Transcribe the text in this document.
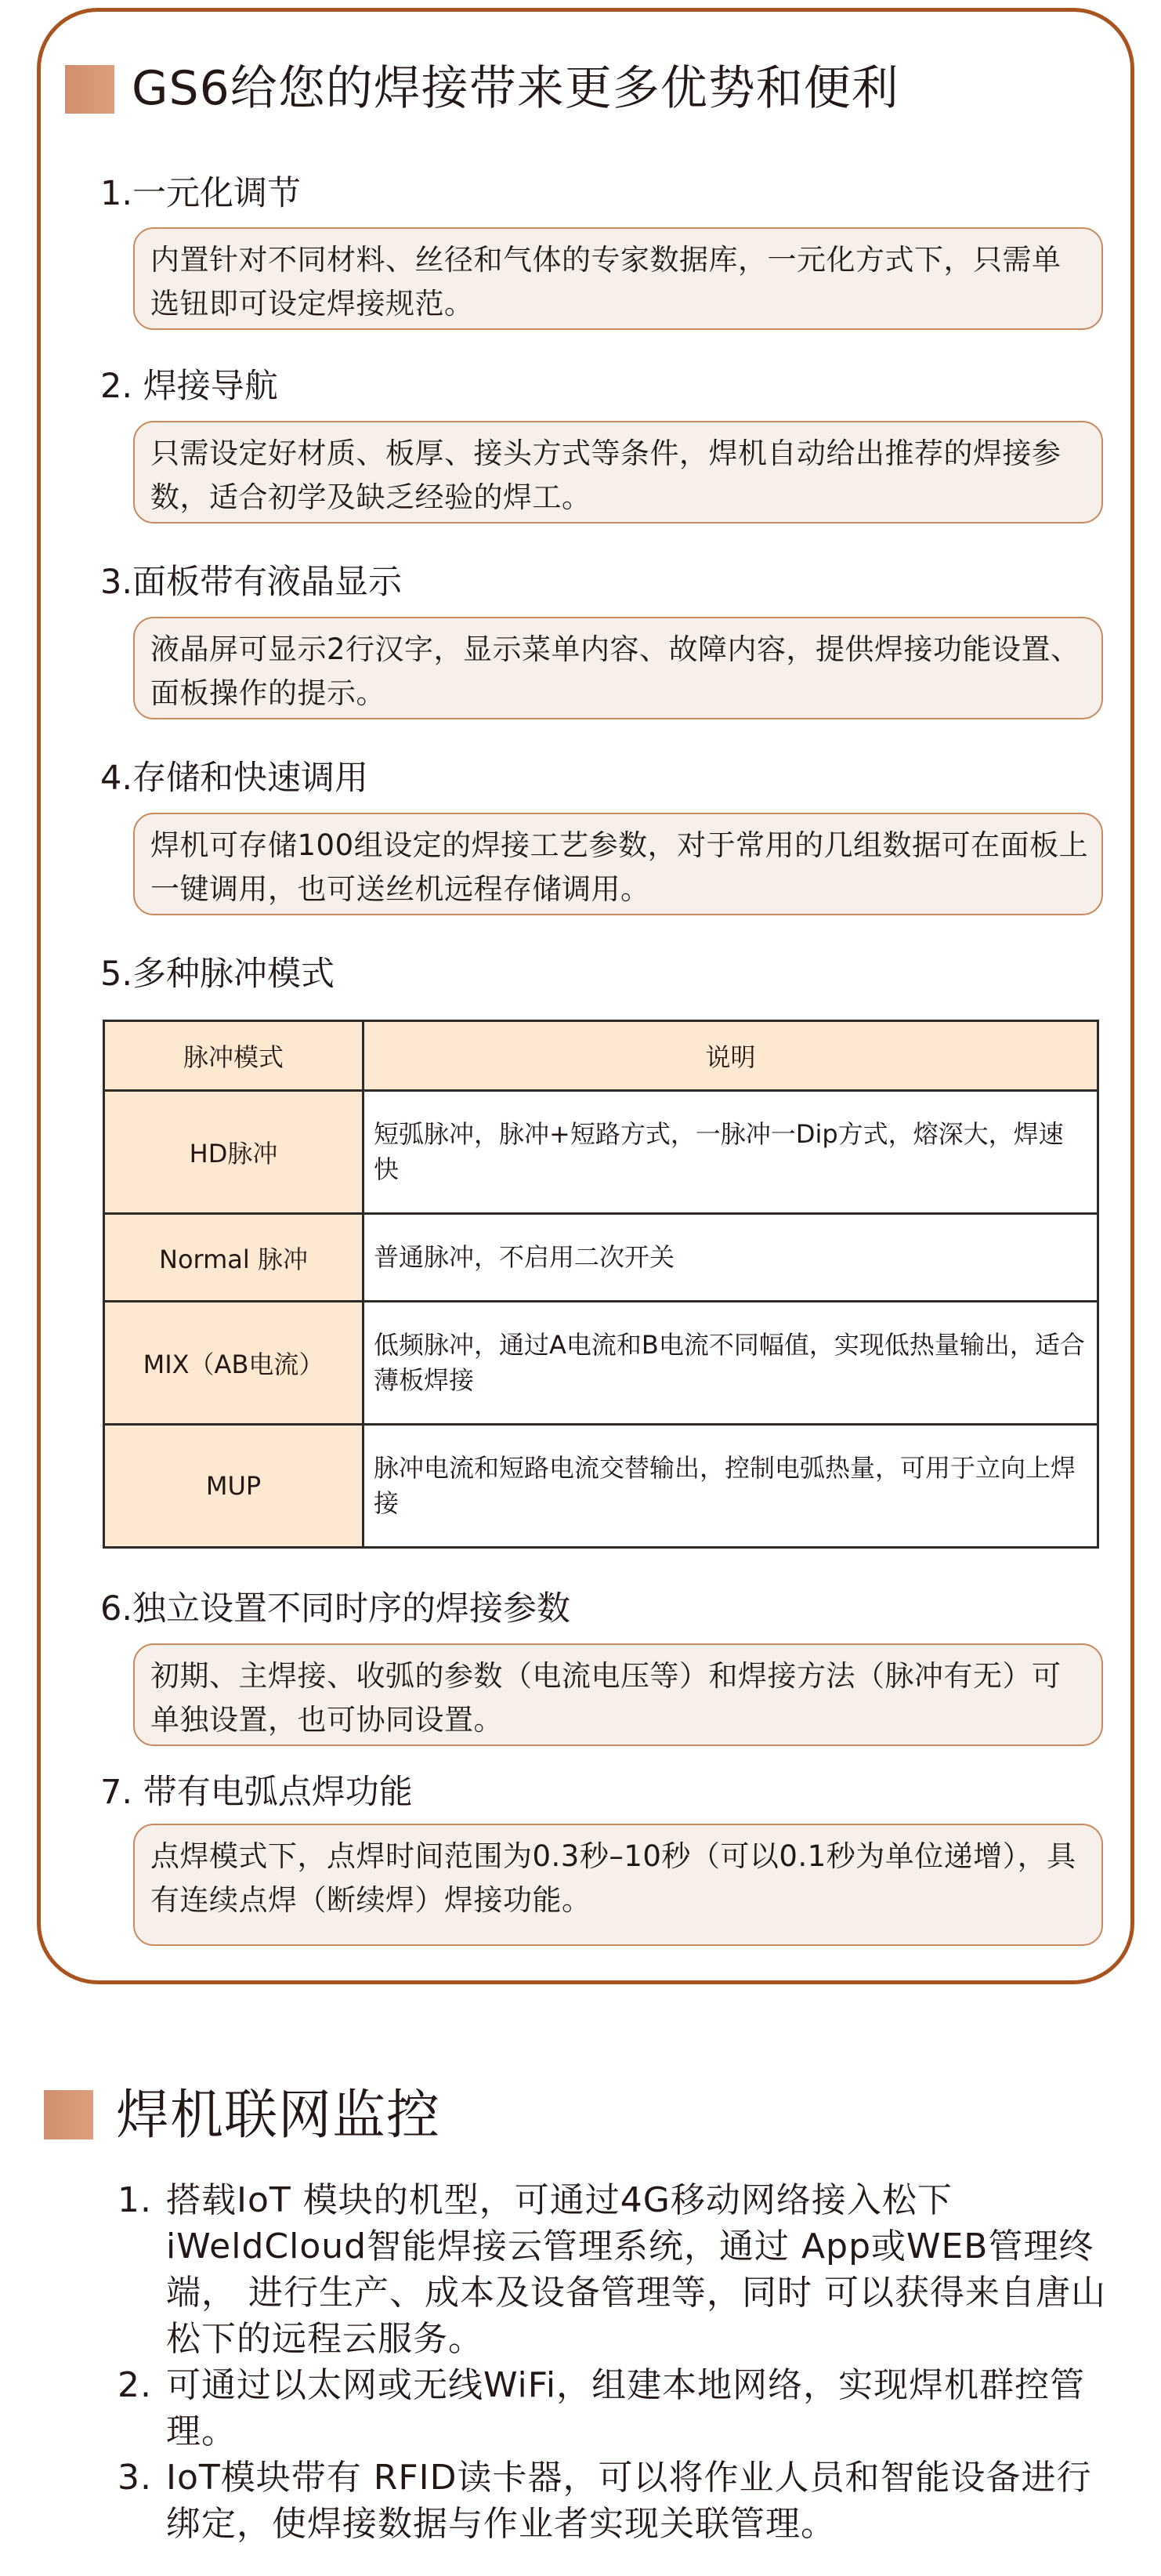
GS6给您的焊接带来更多优势和便利
1.一元化调节
内置针对不同材料、丝径和气体的专家数据库，一元化方式下，只需单选钮即可设定焊接规范。
2. 焊接导航
只需设定好材质、板厚、接头方式等条件，焊机自动给出推荐的焊接参数，适合初学及缺乏经验的焊工。
3.面板带有液晶显示
液晶屏可显示2行汉字，显示菜单内容、故障内容，提供焊接功能设置、面板操作的提示。
4.存储和快速调用
焊机可存储100组设定的焊接工艺参数，对于常用的几组数据可在面板上一键调用，也可送丝机远程存储调用。
5.多种脉冲模式
脉冲模式	说明
HD脉冲	短弧脉冲，脉冲+短路方式，一脉冲一Dip方式，熔深大，焊速快
Normal 脉冲	普通脉冲，不启用二次开关
MIX（AB电流）	低频脉冲，通过A电流和B电流不同幅值，实现低热量输出，适合薄板焊接
MUP	脉冲电流和短路电流交替输出，控制电弧热量，可用于立向上焊接
6.独立设置不同时序的焊接参数
初期、主焊接、收弧的参数（电流电压等）和焊接方法（脉冲有无）可单独设置，也可协同设置。
7. 带有电弧点焊功能
点焊模式下，点焊时间范围为0.3秒–10秒（可以0.1秒为单位递增），具有连续点焊（断续焊）焊接功能。
焊机联网监控
1. 搭载IoT 模块的机型，可通过4G移动网络接入松下iWeldCloud智能焊接云管理系统，通过 App或WEB管理终端， 进行生产、成本及设备管理等，同时 可以获得来自唐山松下的远程云服务。
2. 可通过以太网或无线WiFi，组建本地网络，实现焊机群控管理。
3. IoT模块带有 RFID读卡器，可以将作业人员和智能设备进行绑定，使焊接数据与作业者实现关联管理。
